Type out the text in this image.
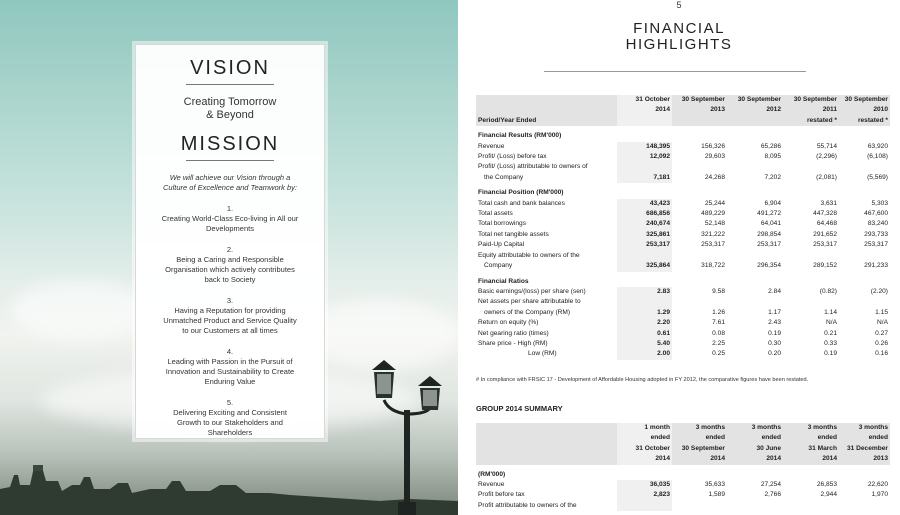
VISION
Creating Tomorrow
& Beyond
MISSION
We will achieve our Vision through a
Culture of Excellence and Teamwork by:
1.
Creating World-Class Eco-living in All our
Developments
2.
Being a Caring and Responsible
Organisation which actively contributes
back to Society
3.
Having a Reputation for providing
Unmatched Product and Service Quality
to our Customers at all times
4.
Leading with Passion in the Pursuit of
Innovation and Sustainability to Create
Enduring Value
5.
Delivering Exciting and Consistent
Growth to our Stakeholders and
Shareholders
5
FINANCIAL
HIGHLIGHTS
	31 October	30 September	30 September	30 September	30 September
	2014	2013	2012	2011	2010
Period/Year Ended				restated *	restated *
Financial Results (RM'000)					
Revenue	148,395	156,326	65,286	55,714	63,920
Profit/ (Loss) before tax	12,092	29,603	8,095	(2,296)	(6,108)
Profit/ (Loss) attributable to owners of					
the Company	7,181	24,268	7,202	(2,081)	(5,569)
Financial Position (RM'000)					
Total cash and bank balances	43,423	25,244	6,904	3,631	5,303
Total assets	686,856	489,229	491,272	447,328	467,600
Total borrowings	240,674	52,148	64,041	64,468	83,240
Total net tangible assets	325,861	321,222	298,854	291,652	293,733
Paid-Up Capital	253,317	253,317	253,317	253,317	253,317
Equity attributable to owners of the					
Company	325,864	318,722	296,354	289,152	291,233
Financial Ratios					
Basic earnings/(loss) per share (sen)	2.83	9.58	2.84	(0.82)	(2.20)
Net assets per share attributable to					
owners of the Company (RM)	1.29	1.26	1.17	1.14	1.15
Return on equity (%)	2.20	7.61	2.43	N/A	N/A
Net gearing ratio (times)	0.61	0.08	0.19	0.21	0.27
Share price - High (RM)	5.40	2.25	0.30	0.33	0.26
Low (RM)	2.00	0.25	0.20	0.19	0.16
# In compliance with FRSIC 17 - Development of Affordable Housing adopted in FY 2012, the comparative figures have been restated.
GROUP 2014 SUMMARY
	1 month	3 months	3 months	3 months	3 months
	ended	ended	ended	ended	ended
	31 October	30 September	30 June	31 March	31 December
	2014	2014	2014	2014	2013
(RM'000)					
Revenue	36,035	35,633	27,254	26,853	22,620
Profit before tax	2,823	1,589	2,766	2,944	1,970
Profit attributable to owners of the					
